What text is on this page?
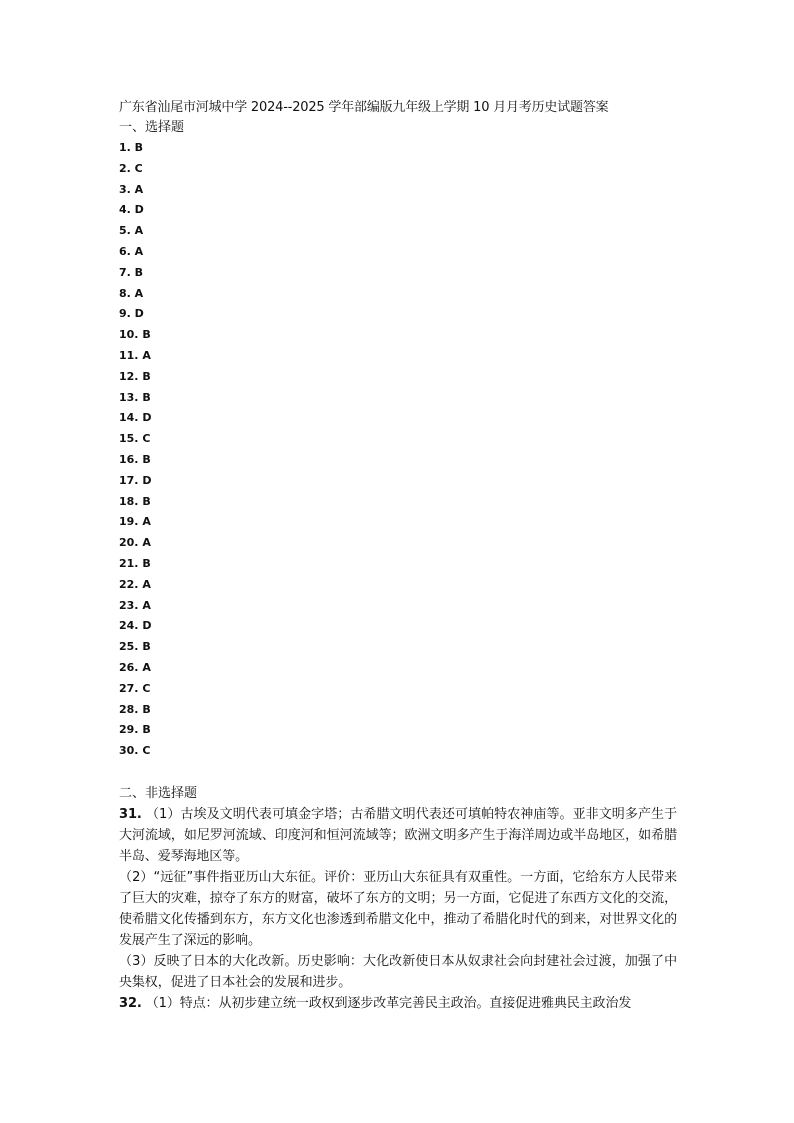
广东省汕尾市河城中学 2024--2025 学年部编版九年级上学期 10 月月考历史试题答案
一、选择题
1. B
2. C
3. A
4. D
5. A
6. A
7. B
8. A
9. D
10. B
11. A
12. B
13. B
14. D
15. C
16. B
17. D
18. B
19. A
20. A
21. B
22. A
23. A
24. D
25. B
26. A
27. C
28. B
29. B
30. C
二、非选择题

31. （1）古埃及文明代表可填金字塔；古希腊文明代表还可填帕特农神庙等。亚非文明多产生于大河流域，如尼罗河流域、印度河和恒河流域等；欧洲文明多产生于海洋周边或半岛地区，如希腊半岛、爱琴海地区等。

（2）“远征”事件指亚历山大东征。评价：亚历山大东征具有双重性。一方面，它给东方人民带来了巨大的灾难，掠夺了东方的财富，破坏了东方的文明；另一方面，它促进了东西方文化的交流，使希腊文化传播到东方，东方文化也渗透到希腊文化中，推动了希腊化时代的到来，对世界文化的发展产生了深远的影响。

（3）反映了日本的大化改新。历史影响：大化改新使日本从奴隶社会向封建社会过渡，加强了中央集权，促进了日本社会的发展和进步。

32. （1）特点：从初步建立统一政权到逐步改革完善民主政治。直接促进雅典民主政治发
